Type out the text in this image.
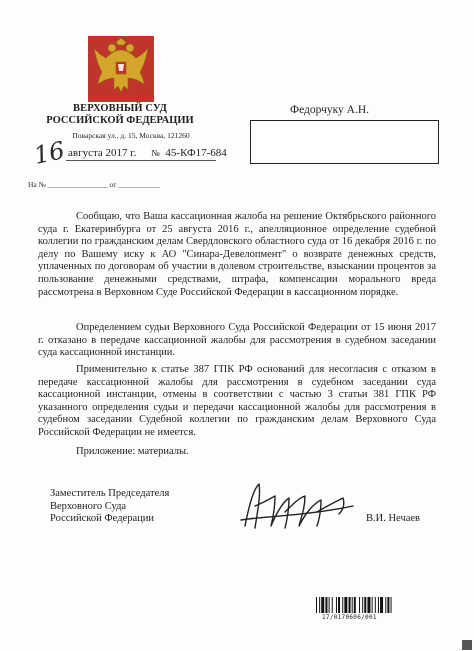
ВЕРХОВНЫЙ СУД
РОССИЙСКОЙ ФЕДЕРАЦИИ
Поварская ул., д. 15, Москва, 121260
16 августа 2017 г. № 45-КФ17-684
На № ________________ от ___________
Федорчуку А.Н.
Сообщаю, что Ваша кассационная жалоба на решение Октябрьского районного суда г. Екатеринбурга от 25 августа 2016 г., апелляционное определение судебной коллегии по гражданским делам Свердловского областного суда от 16 декабря 2016 г. по делу по Вашему иску к АО "Синара-Девелопмент" о возврате денежных средств, уплаченных по договорам об участии в долевом строительстве, взыскании процентов за пользование денежными средствами, штрафа, компенсации морального вреда рассмотрена в Верховном Суде Российской Федерации в кассационном порядке.
Определением судьи Верховного Суда Российской Федерации от 15 июня 2017 г. отказано в передаче кассационной жалобы для рассмотрения в судебном заседании суда кассационной инстанции.
Применительно к статье 387 ГПК РФ оснований для несогласия с отказом в передаче кассационной жалобы для рассмотрения в судебном заседании суда кассационной инстанции, отмены в соответствии с частью 3 статьи 381 ГПК РФ указанного определения судьи и передачи кассационной жалобы для рассмотрения в судебном заседании Судебной коллегии по гражданским делам Верховного Суда Российской Федерации не имеется.
Приложение: материалы.
Заместитель Председателя
Верховного Суда
Российской Федерации	В.И. Нечаев
17/0170606/001
